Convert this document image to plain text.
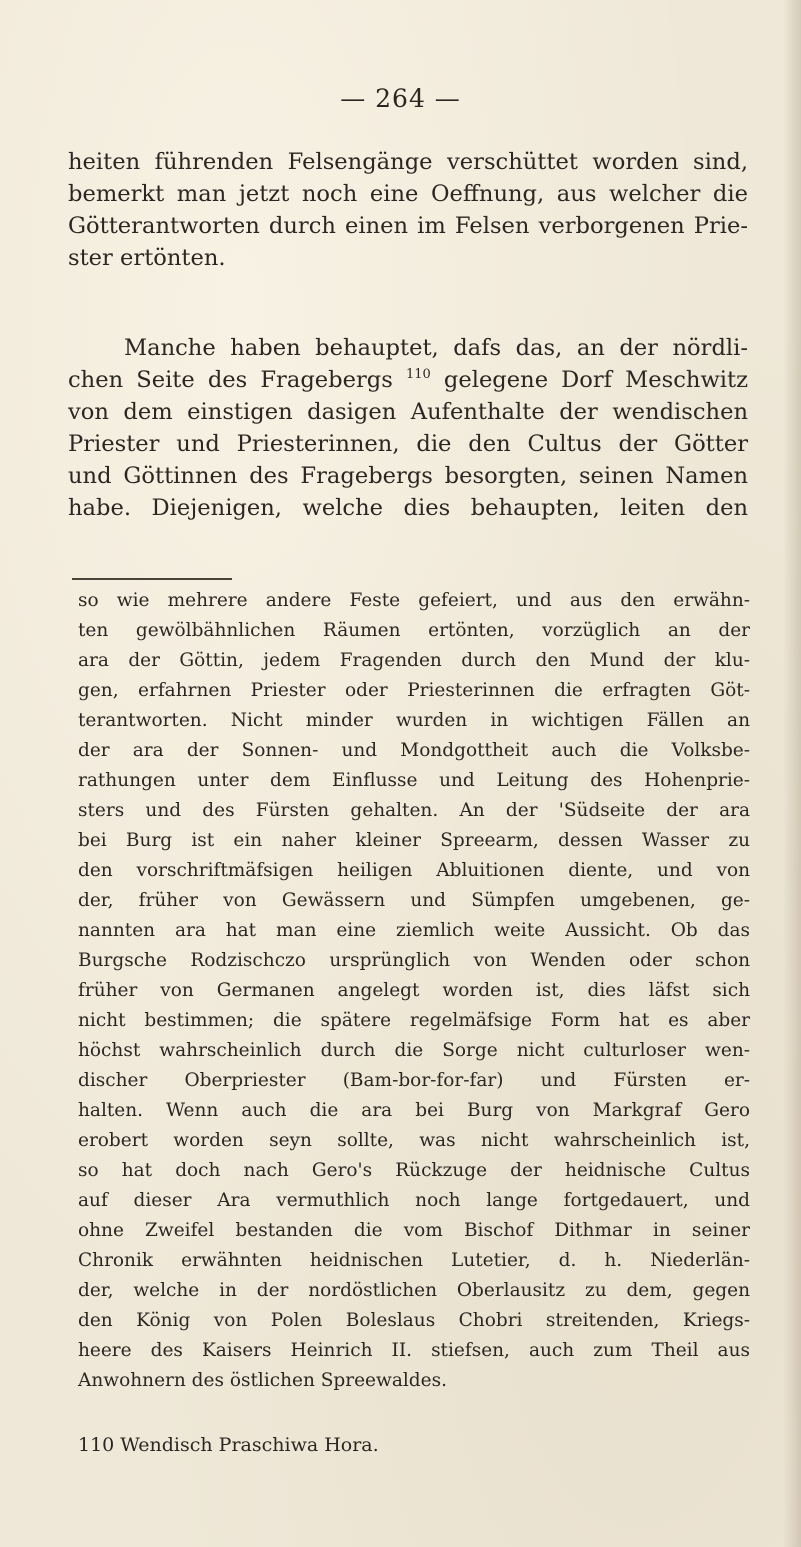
— 264 —
heiten führenden Felsengänge verschüttet worden sind,
bemerkt man jetzt noch eine Oeffnung, aus welcher die
Götterantworten durch einen im Felsen verborgenen Prie-
ster ertönten.
Manche haben behauptet, dafs das, an der nördli-
chen Seite des Fragebergs $^{110}$ gelegene Dorf Meschwitz
von dem einstigen dasigen Aufenthalte der wendischen
Priester und Priesterinnen, die den Cultus der Götter
und Göttinnen des Fragebergs besorgten, seinen Namen
habe. Diejenigen, welche dies behaupten, leiten den
so wie mehrere andere Feste gefeiert, und aus den erwähn-
ten gewölbähnlichen Räumen ertönten, vorzüglich an der
ara der Göttin, jedem Fragenden durch den Mund der klu-
gen, erfahrnen Priester oder Priesterinnen die erfragten Göt-
terantworten. Nicht minder wurden in wichtigen Fällen an
der ara der Sonnen- und Mondgottheit auch die Volksbe-
rathungen unter dem Einflusse und Leitung des Hohenprie-
sters und des Fürsten gehalten. An der 'Südseite der ara
bei Burg ist ein naher kleiner Spreearm, dessen Wasser zu
den vorschriftmäfsigen heiligen Abluitionen diente, und von
der, früher von Gewässern und Sümpfen umgebenen, ge-
nannten ara hat man eine ziemlich weite Aussicht. Ob das
Burgsche Rodzischczo ursprünglich von Wenden oder schon
früher von Germanen angelegt worden ist, dies läfst sich
nicht bestimmen; die spätere regelmäfsige Form hat es aber
höchst wahrscheinlich durch die Sorge nicht culturloser wen-
discher Oberpriester (Bam-bor-for-far) und Fürsten er-
halten. Wenn auch die ara bei Burg von Markgraf Gero
erobert worden seyn sollte, was nicht wahrscheinlich ist,
so hat doch nach Gero's Rückzuge der heidnische Cultus
auf dieser Ara vermuthlich noch lange fortgedauert, und
ohne Zweifel bestanden die vom Bischof Dithmar in seiner
Chronik erwähnten heidnischen Lutetier, d. h. Niederlän-
der, welche in der nordöstlichen Oberlausitz zu dem, gegen
den König von Polen Boleslaus Chobri streitenden, Kriegs-
heere des Kaisers Heinrich II. stiefsen, auch zum Theil aus
Anwohnern des östlichen Spreewaldes.
110 Wendisch Praschiwa Hora.
